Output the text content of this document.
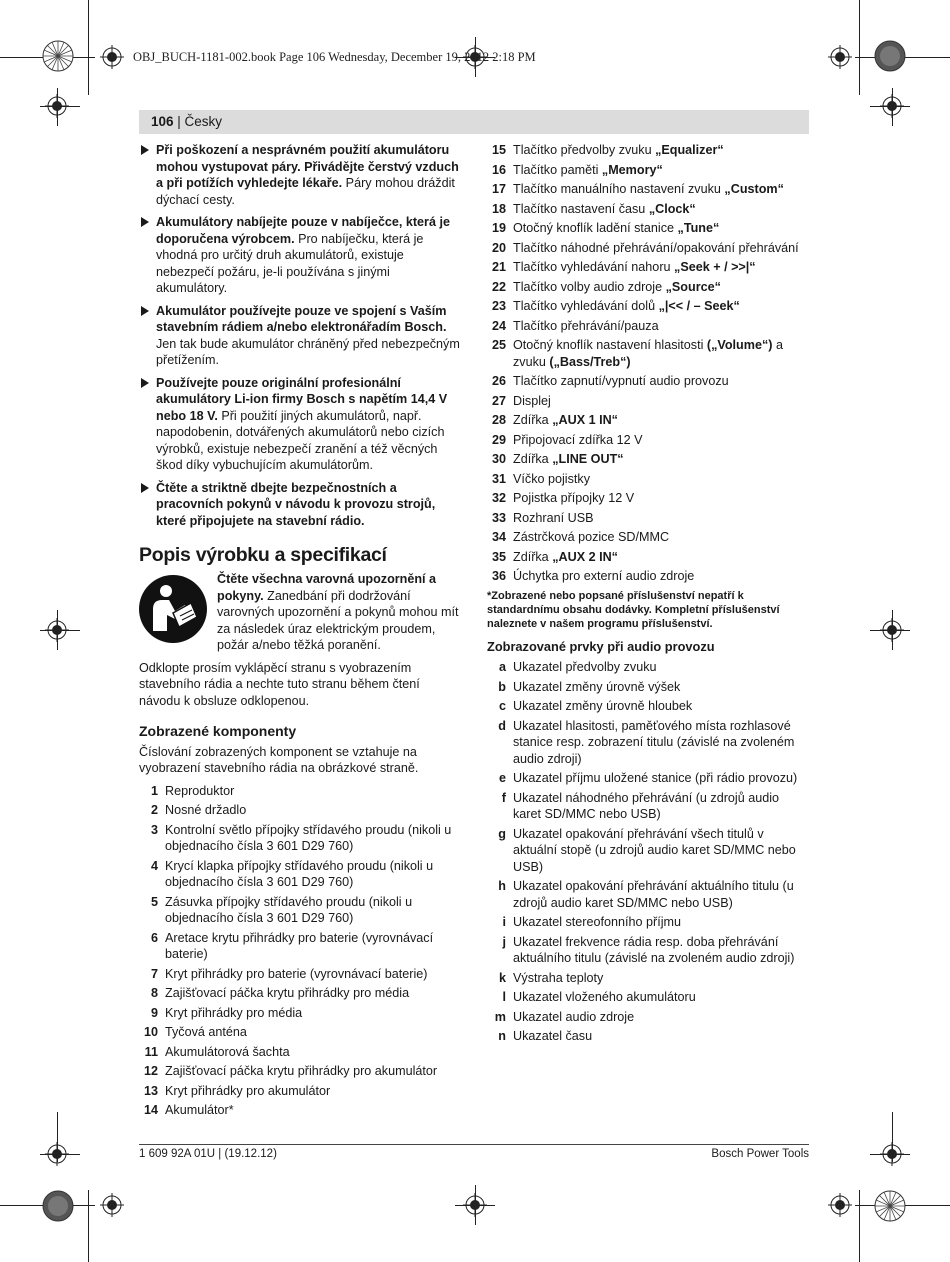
OBJ_BUCH-1181-002.book Page 106 Wednesday, December 19, 2012 2:18 PM
106 | Česky
Při poškození a nesprávném použití akumulátoru mohou vystupovat páry. Přivádějte čerstvý vzduch a při potížích vyhledejte lékaře. Páry mohou dráždit dýchací cesty.
Akumulátory nabíjejte pouze v nabíječce, která je doporučena výrobcem. Pro nabíječku, která je vhodná pro určitý druh akumulátorů, existuje nebezpečí požáru, je-li používána s jinými akumulátory.
Akumulátor používejte pouze ve spojení s Vaším stavebním rádiem a/nebo elektronářadím Bosch. Jen tak bude akumulátor chráněný před nebezpečným přetížením.
Používejte pouze originální profesionální akumulátory Li-ion firmy Bosch s napětím 14,4 V nebo 18 V. Při použití jiných akumulátorů, např. napodobenin, dotvářených akumulátorů nebo cizích výrobků, existuje nebezpečí zranění a též věcných škod díky vybuchujícím akumulátorům.
Čtěte a striktně dbejte bezpečnostních a pracovních pokynů v návodu k provozu strojů, které připojujete na stavební rádio.
Popis výrobku a specifikací
Čtěte všechna varovná upozornění a pokyny. Zanedbání při dodržování varovných upozornění a pokynů mohou mít za následek úraz elektrickým proudem, požár a/nebo těžká poranění.
Odklopte prosím vyklápěcí stranu s vyobrazením stavebního rádia a nechte tuto stranu během čtení návodu k obsluze odklopenou.
Zobrazené komponenty
Číslování zobrazených komponent se vztahuje na vyobrazení stavebního rádia na obrázkové straně.
1 Reproduktor
2 Nosné držadlo
3 Kontrolní světlo přípojky střídavého proudu (nikoli u objednacího čísla 3 601 D29 760)
4 Krycí klapka přípojky střídavého proudu (nikoli u objednacího čísla 3 601 D29 760)
5 Zásuvka přípojky střídavého proudu (nikoli u objednacího čísla 3 601 D29 760)
6 Aretace krytu přihrádky pro baterie (vyrovnávací baterie)
7 Kryt přihrádky pro baterie (vyrovnávací baterie)
8 Zajišťovací páčka krytu přihrádky pro média
9 Kryt přihrádky pro média
10 Tyčová anténa
11 Akumulátorová šachta
12 Zajišťovací páčka krytu přihrádky pro akumulátor
13 Kryt přihrádky pro akumulátor
14 Akumulátor*
15 Tlačítko předvolby zvuku „Equalizer“
16 Tlačítko paměti „Memory“
17 Tlačítko manuálního nastavení zvuku „Custom“
18 Tlačítko nastavení času „Clock“
19 Otočný knoflík ladění stanice „Tune“
20 Tlačítko náhodné přehrávání/opakování přehrávání
21 Tlačítko vyhledávání nahoru „Seek + / >>|“
22 Tlačítko volby audio zdroje „Source“
23 Tlačítko vyhledávání dolů „|<< / – Seek“
24 Tlačítko přehrávání/pauza
25 Otočný knoflík nastavení hlasitosti („Volume“) a zvuku („Bass/Treb“)
26 Tlačítko zapnutí/vypnutí audio provozu
27 Displej
28 Zdířka „AUX 1 IN“
29 Připojovací zdířka 12 V
30 Zdířka „LINE OUT“
31 Víčko pojistky
32 Pojistka přípojky 12 V
33 Rozhraní USB
34 Zástrčková pozice SD/MMC
35 Zdířka „AUX 2 IN“
36 Úchytka pro externí audio zdroje
*Zobrazené nebo popsané příslušenství nepatří k standardnímu obsahu dodávky. Kompletní příslušenství naleznete v našem programu příslušenství.
Zobrazované prvky při audio provozu
a Ukazatel předvolby zvuku
b Ukazatel změny úrovně výšek
c Ukazatel změny úrovně hloubek
d Ukazatel hlasitosti, paměťového místa rozhlasové stanice resp. zobrazení titulu (závislé na zvoleném audio zdroji)
e Ukazatel příjmu uložené stanice (při rádio provozu)
f Ukazatel náhodného přehrávání (u zdrojů audio karet SD/MMC nebo USB)
g Ukazatel opakování přehrávání všech titulů v aktuální stopě (u zdrojů audio karet SD/MMC nebo USB)
h Ukazatel opakování přehrávání aktuálního titulu (u zdrojů audio karet SD/MMC nebo USB)
i Ukazatel stereofonního příjmu
j Ukazatel frekvence rádia resp. doba přehrávání aktuálního titulu (závislé na zvoleném audio zdroji)
k Výstraha teploty
l Ukazatel vloženého akumulátoru
m Ukazatel audio zdroje
n Ukazatel času
1 609 92A 01U | (19.12.12)	Bosch Power Tools
